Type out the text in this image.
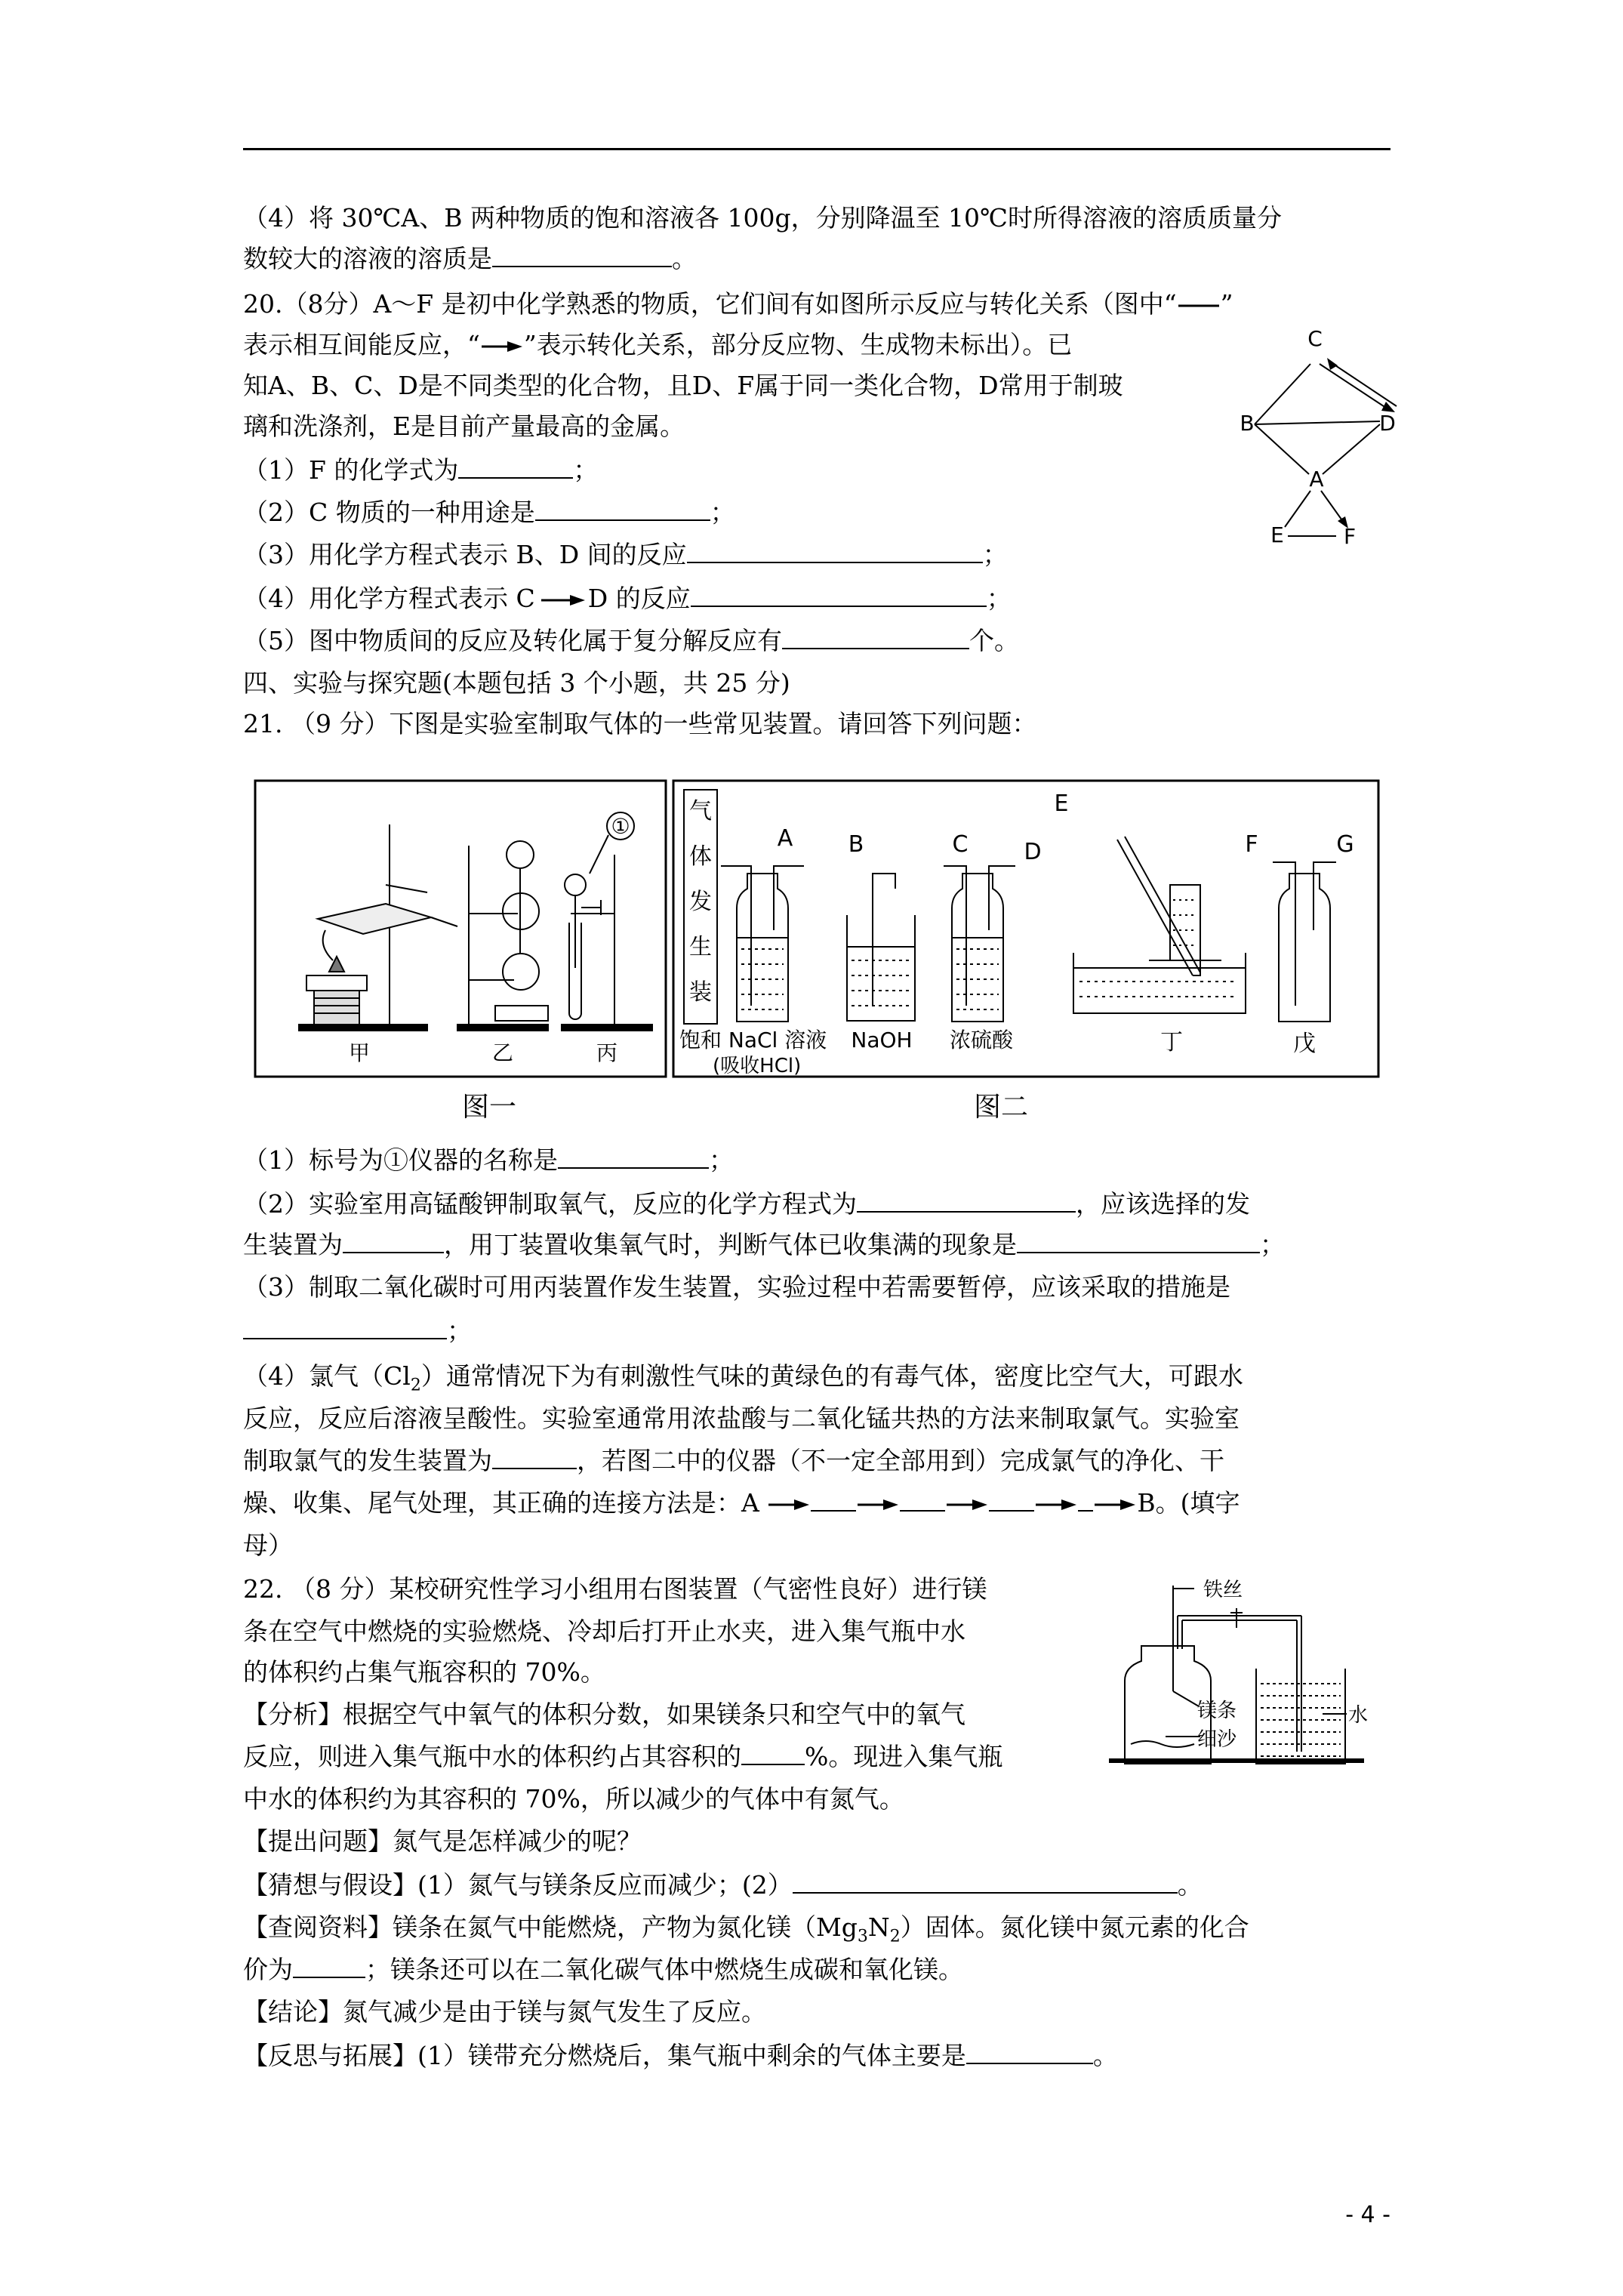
（4）将 30℃A、B 两种物质的饱和溶液各 100g，分别降温至 10℃时所得溶液的溶质质量分
数较大的溶液的溶质是	。
20.（8分）A～F 是初中化学熟悉的物质，它们间有如图所示反应与转化关系（图中“ ”
表示相互间能反应，“ ”表示转化关系，部分反应物、生成物未标出）。已
知A、B、C、D是不同类型的化合物，且D、F属于同一类化合物，D常用于制玻
璃和洗涤剂，E是目前产量最高的金属。
（1）F 的化学式为	；
（2）C 物质的一种用途是	；
（3）用化学方程式表示 B、D 间的反应	；
（4）用化学方程式表示 C D 的反应	；
（5）图中物质间的反应及转化属于复分解反应有	个。
四、实验与探究题(本题包括 3 个小题，共 25 分)
21. （9 分）下图是实验室制取气体的一些常见装置。请回答下列问题：
C
B	D
A
E	F
①
甲	乙	丙
图一
气
体
发
生
装
A B	C D
E
F	G
饱和 NaCl 溶液
(吸收HCl)
NaOH 浓硫酸	丁	戊
图二
（1）标号为①仪器的名称是	；
（2）实验室用高锰酸钾制取氧气，反应的化学方程式为	，应该选择的发
生装置为	，用丁装置收集氧气时，判断气体已收集满的现象是	；
（3）制取二氧化碳时可用丙装置作发生装置，实验过程中若需要暂停，应该采取的措施是
；
（4）氯气$(Cl_2)$通常情况下为有刺激性气味的黄绿色的有毒气体，密度比空气大，可跟水
反应，反应后溶液呈酸性。实验室通常用浓盐酸与二氧化锰共热的方法来制取氯气。实验室
制取氯气的发生装置为	，若图二中的仪器（不一定全部用到）完成氯气的净化、干
燥、收集、尾气处理，其正确的连接方法是：A	B。(填字
母）
22. （8 分）某校研究性学习小组用右图装置（气密性良好）进行镁
条在空气中燃烧的实验燃烧、冷却后打开止水夹，进入集气瓶中水
的体积约占集气瓶容积的 70%。
【分析】根据空气中氧气的体积分数，如果镁条只和空气中的氧气
反应，则进入集气瓶中水的体积约占其容积的	%。现进入集气瓶
中水的体积约为其容积的 70%，所以减少的气体中有氮气。
【提出问题】氮气是怎样减少的呢？
【猜想与假设】(1）氮气与镁条反应而减少；(2）	。
【查阅资料】镁条在氮气中能燃烧，产物为氮化镁$(Mg_3N_2)$固体。氮化镁中氮元素的化合
价为	；镁条还可以在二氧化碳气体中燃烧生成碳和氧化镁。
【结论】氮气减少是由于镁与氮气发生了反应。
【反思与拓展】(1）镁带充分燃烧后，集气瓶中剩余的气体主要是	。
铁丝
镁条
细沙
水
- 4 -
